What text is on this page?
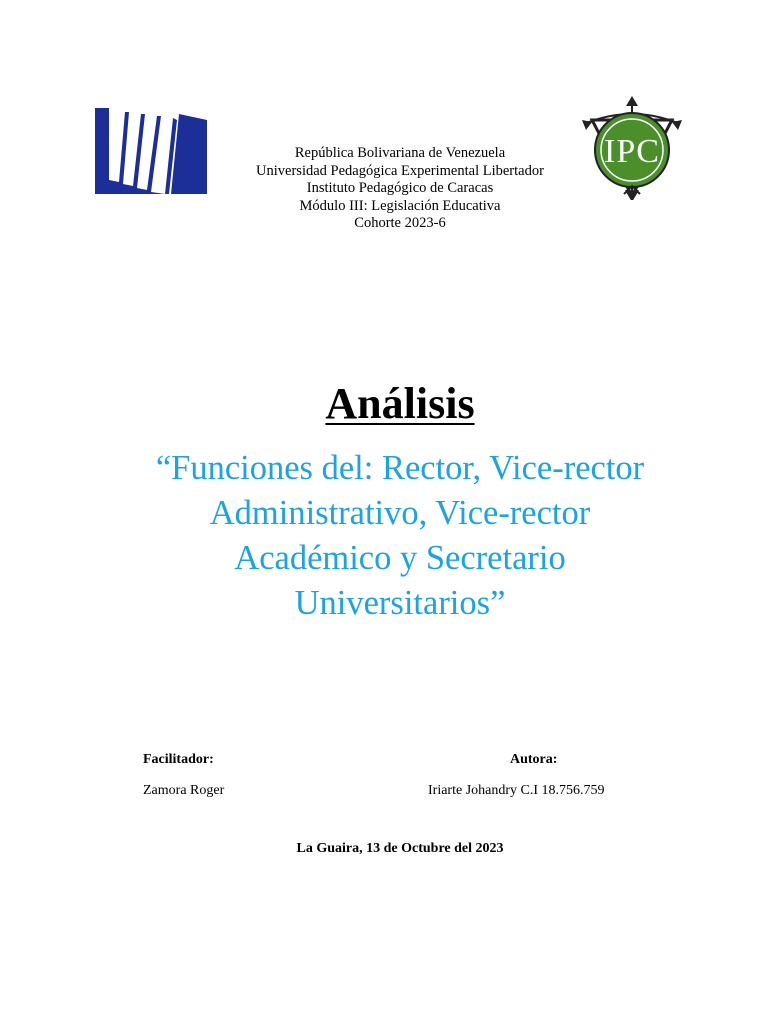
IPC
República Bolivariana de Venezuela
Universidad Pedagógica Experimental Libertador
Instituto Pedagógico de Caracas
Módulo III: Legislación Educativa
Cohorte 2023-6
Análisis
“Funciones del: Rector, Vice-rector
Administrativo, Vice-rector
Académico y Secretario
Universitarios”
Facilitador:
Zamora Roger
Autora:
Iriarte Johandry C.I 18.756.759
La Guaira, 13 de Octubre del 2023
